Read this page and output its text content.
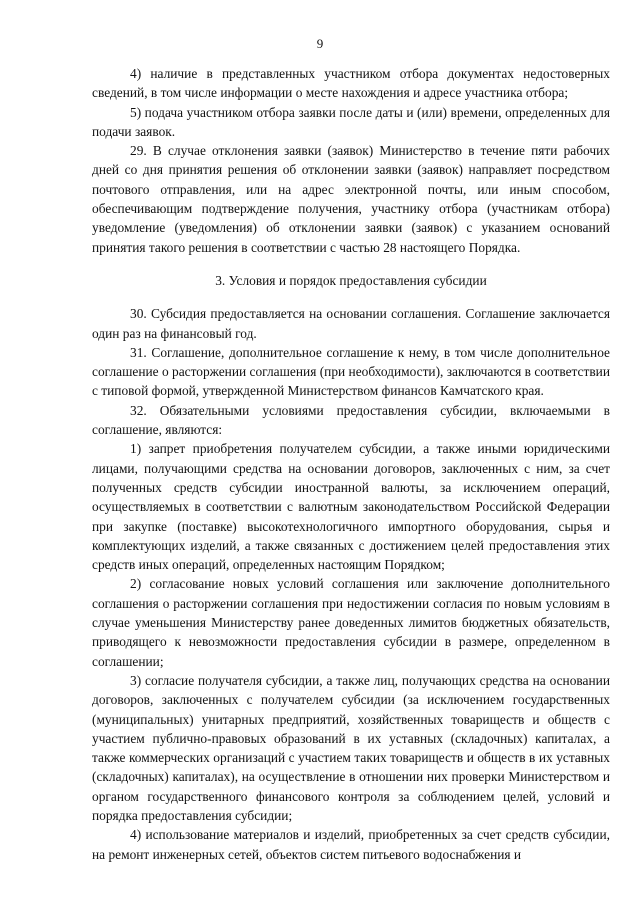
9

4) наличие в представленных участником отбора документах недостоверных сведений, в том числе информации о месте нахождения и адресе участника отбора;

5) подача участником отбора заявки после даты и (или) времени, определенных для подачи заявок.

29. В случае отклонения заявки (заявок) Министерство в течение пяти рабочих дней со дня принятия решения об отклонении заявки (заявок) направляет посредством почтового отправления, или на адрес электронной почты, или иным способом, обеспечивающим подтверждение получения, участнику отбора (участникам отбора) уведомление (уведомления) об отклонении заявки (заявок) с указанием оснований принятия такого решения в соответствии с частью 28 настоящего Порядка.

3. Условия и порядок предоставления субсидии

30. Субсидия предоставляется на основании соглашения. Соглашение заключается один раз на финансовый год.

31. Соглашение, дополнительное соглашение к нему, в том числе дополнительное соглашение о расторжении соглашения (при необходимости), заключаются в соответствии с типовой формой, утвержденной Министерством финансов Камчатского края.

32. Обязательными условиями предоставления субсидии, включаемыми в соглашение, являются:

1) запрет приобретения получателем субсидии, а также иными юридическими лицами, получающими средства на основании договоров, заключенных с ним, за счет полученных средств субсидии иностранной валюты, за исключением операций, осуществляемых в соответствии с валютным законодательством Российской Федерации при закупке (поставке) высокотехнологичного импортного оборудования, сырья и комплектующих изделий, а также связанных с достижением целей предоставления этих средств иных операций, определенных настоящим Порядком;

2) согласование новых условий соглашения или заключение дополнительного соглашения о расторжении соглашения при недостижении согласия по новым условиям в случае уменьшения Министерству ранее доведенных лимитов бюджетных обязательств, приводящего к невозможности предоставления субсидии в размере, определенном в соглашении;

3) согласие получателя субсидии, а также лиц, получающих средства на основании договоров, заключенных с получателем субсидии (за исключением государственных (муниципальных) унитарных предприятий, хозяйственных товариществ и обществ с участием публично-правовых образований в их уставных (складочных) капиталах, а также коммерческих организаций с участием таких товариществ и обществ в их уставных (складочных) капиталах), на осуществление в отношении них проверки Министерством и органом государственного финансового контроля за соблюдением целей, условий и порядка предоставления субсидии;

4) использование материалов и изделий, приобретенных за счет средств субсидии, на ремонт инженерных сетей, объектов систем питьевого водоснабжения и
